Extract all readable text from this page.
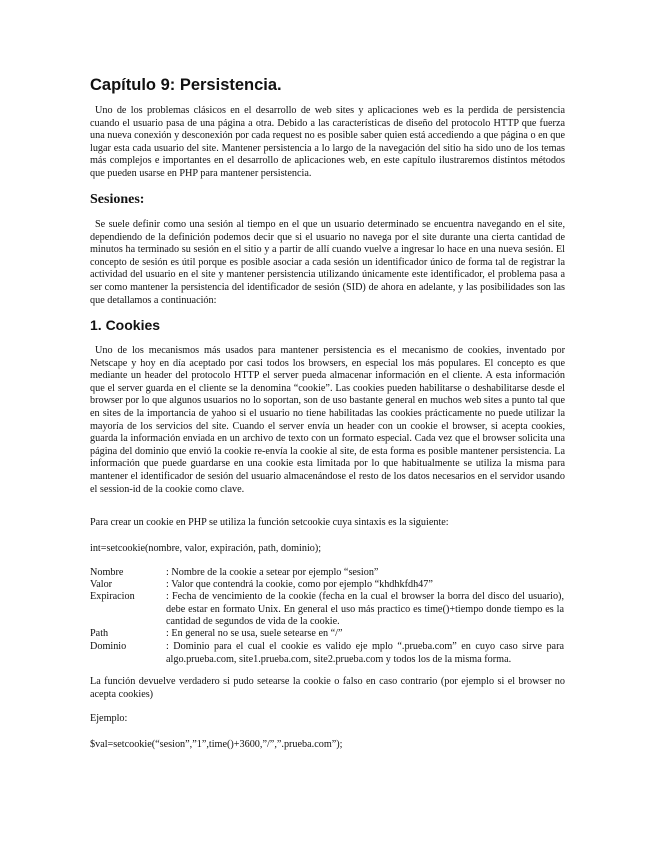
Capítulo 9: Persistencia.

Uno de los problemas clásicos en el desarrollo de web sites y aplicaciones web es la perdida de persistencia cuando el usuario pasa de una página a otra. Debido a las características de diseño del protocolo HTTP que fuerza una nueva conexión y desconexión por cada request no es posible saber quien está accediendo a que página o en que lugar esta cada usuario del site. Mantener persistencia a lo largo de la navegación del sitio ha sido uno de los temas más complejos e importantes en el desarrollo de aplicaciones web, en este capítulo ilustraremos distintos métodos que pueden usarse en PHP para mantener persistencia.

Sesiones:

Se suele definir como una sesión al tiempo en el que un usuario determinado se encuentra navegando en el site, dependiendo de la definición podemos decir que si el usuario no navega por el site durante una cierta cantidad de minutos ha terminado su sesión en el sitio y a partir de allí cuando vuelve a ingresar lo hace en una nueva sesión. El concepto de sesión es útil porque es posible asociar a cada sesión un identificador único de forma tal de registrar la actividad del usuario en el site y mantener persistencia utilizando únicamente este identificador, el problema pasa a ser como mantener la persistencia del identificador de sesión (SID) de ahora en adelante, y las posibilidades son las que detallamos a continuación:

1. Cookies

Uno de los mecanismos más usados para mantener persistencia es el mecanismo de cookies, inventado por Netscape y hoy en día aceptado por casi todos los browsers, en especial los más populares. El concepto es que mediante un header del protocolo HTTP el server pueda almacenar información en el cliente. A esta información que el server guarda en el cliente se la denomina “cookie”. Las cookies pueden habilitarse o deshabilitarse desde el browser por lo que algunos usuarios no lo soportan, son de uso bastante general en muchos web sites a punto tal que en sites de la importancia de yahoo si el usuario no tiene habilitadas las cookies prácticamente no puede utilizar la mayoría de los servicios del site. Cuando el server envía un header con un cookie el browser, si acepta cookies, guarda la información enviada en un archivo de texto con un formato especial. Cada vez que el browser solicita una página del dominio que envió la cookie re-envía la cookie al site, de esta forma es posible mantener persistencia. La información que puede guardarse en una cookie esta limitada por lo que habitualmente se utiliza la misma para mantener el identificador de sesión del usuario almacenándose el resto de los datos necesarios en el servidor usando el session-id de la cookie como clave.

Para crear un cookie en PHP se utiliza la función setcookie cuya sintaxis es la siguiente:

int=setcookie(nombre, valor, expiración, path, dominio);

Nombre	: Nombre de la cookie a setear por ejemplo “sesion”
Valor	: Valor que contendrá la cookie, como por ejemplo “khdhkfdh47”
Expiracion	: Fecha de vencimiento de la cookie (fecha en la cual el browser la borra del disco del usuario), debe estar en formato Unix. En general el uso más practico es time()+tiempo donde tiempo es la cantidad de segundos de vida de la cookie.
Path	: En general no se usa, suele setearse en “/”
Dominio	: Dominio para el cual el cookie es valido eje mplo “.prueba.com” en cuyo caso sirve para algo.prueba.com, site1.prueba.com, site2.prueba.com y todos los de la misma forma.

La función devuelve verdadero si pudo setearse la cookie o falso en caso contrario (por ejemplo si el browser no acepta cookies)

Ejemplo:

$val=setcookie(“sesion”,”1”,time()+3600,”/”,”.prueba.com”);
